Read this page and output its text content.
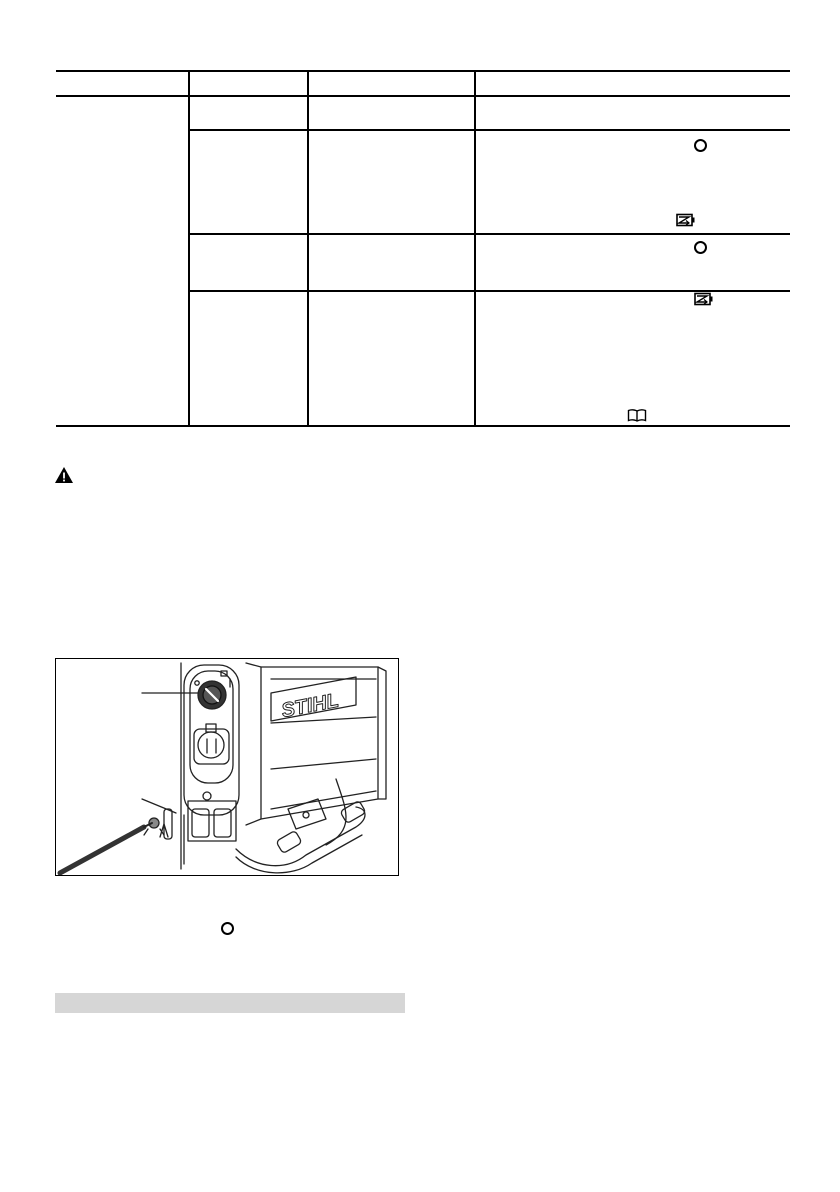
STIHL
